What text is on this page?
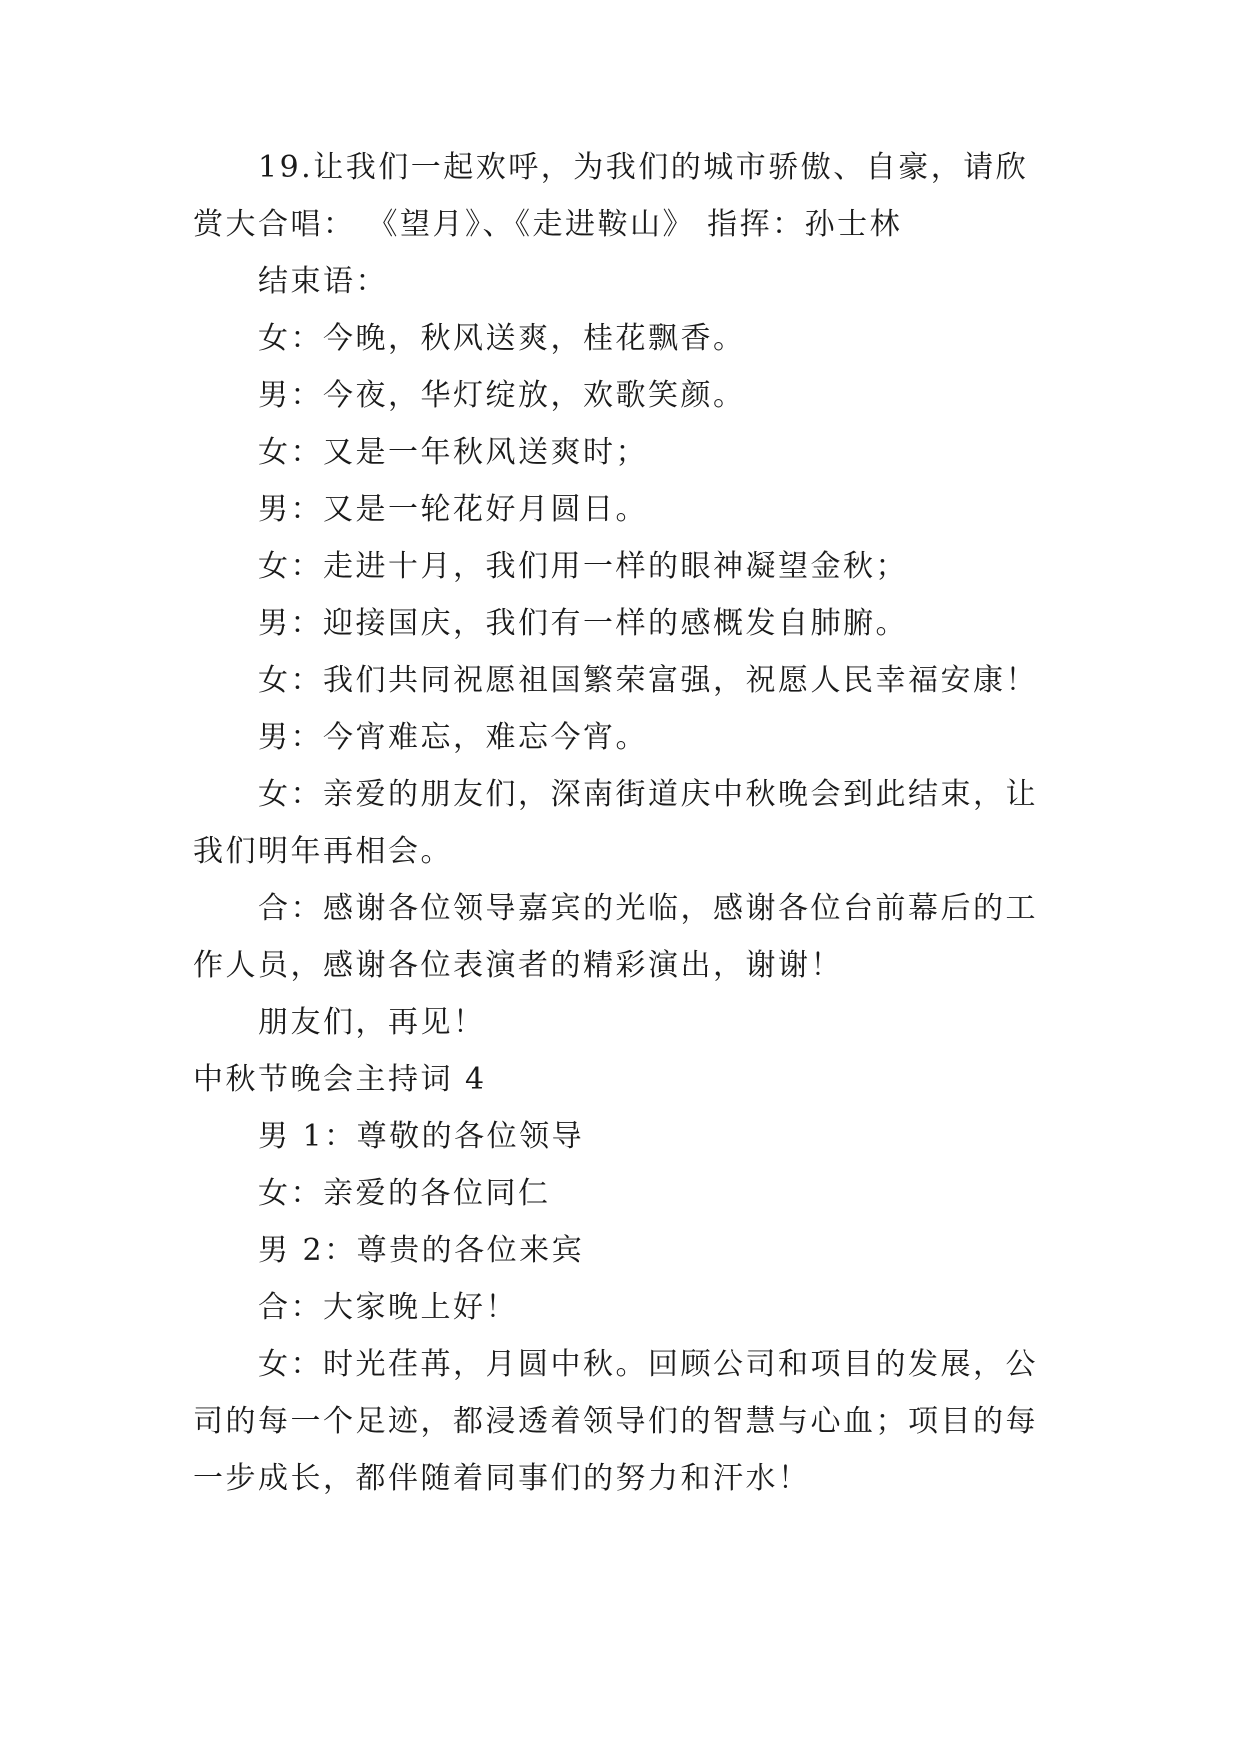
19.让我们一起欢呼，为我们的城市骄傲、自豪，请欣
赏大合唱： 《望月》、《走进鞍山》 指挥：孙士林
结束语：
女：今晚，秋风送爽，桂花飘香。
男：今夜，华灯绽放，欢歌笑颜。
女：又是一年秋风送爽时；
男：又是一轮花好月圆日。
女：走进十月，我们用一样的眼神凝望金秋；
男：迎接国庆，我们有一样的感概发自肺腑。
女：我们共同祝愿祖国繁荣富强，祝愿人民幸福安康！
男：今宵难忘，难忘今宵。
女：亲爱的朋友们，深南街道庆中秋晚会到此结束，让
我们明年再相会。
合：感谢各位领导嘉宾的光临，感谢各位台前幕后的工
作人员，感谢各位表演者的精彩演出，谢谢！
朋友们，再见！
中秋节晚会主持词 4
男 1：尊敬的各位领导
女：亲爱的各位同仁
男 2：尊贵的各位来宾
合：大家晚上好！
女：时光荏苒，月圆中秋。回顾公司和项目的发展，公
司的每一个足迹，都浸透着领导们的智慧与心血；项目的每
一步成长，都伴随着同事们的努力和汗水！
